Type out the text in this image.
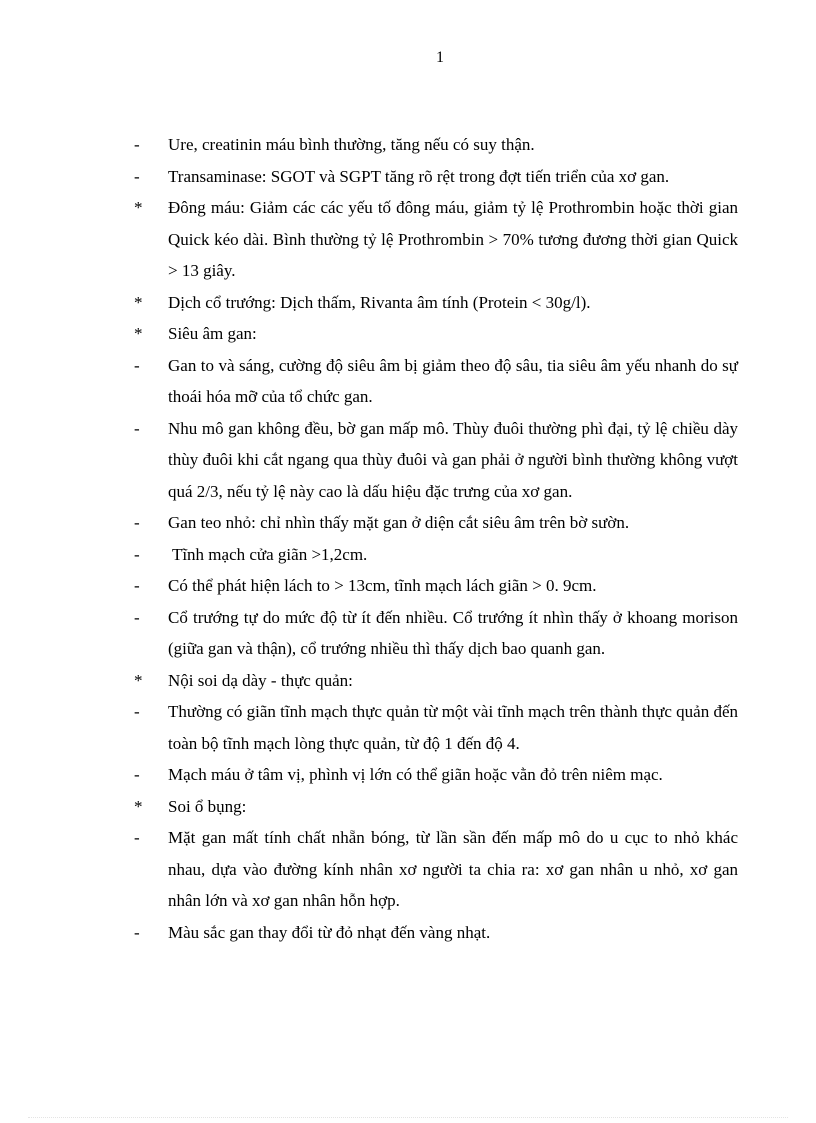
1
-	Ure, creatinin máu bình thường, tăng nếu có suy thận.
-	Transaminase: SGOT và SGPT tăng rõ rệt trong đợt tiến triển của xơ gan.
*	Đông máu: Giảm các các yếu tố đông máu, giảm tỷ lệ Prothrombin hoặc thời gian Quick kéo dài. Bình thường tỷ lệ Prothrombin > 70% tương đương thời gian Quick > 13 giây.
*	Dịch cổ trướng: Dịch thấm, Rivanta âm tính (Protein < 30g/l).
*	Siêu âm gan:
-	Gan to và sáng, cường độ siêu âm bị giảm theo độ sâu, tia siêu âm yếu nhanh do sự thoái hóa mỡ của tổ chức gan.
-	Nhu mô gan không đều, bờ gan mấp mô. Thùy đuôi thường phì đại, tỷ lệ chiều dày thùy đuôi khi cắt ngang qua thùy đuôi và gan phải ở người bình thường không vượt quá 2/3, nếu tỷ lệ này cao là dấu hiệu đặc trưng của xơ gan.
-	Gan teo nhỏ: chỉ nhìn thấy mặt gan ở diện cắt siêu âm trên bờ sườn.
-	Tĩnh mạch cửa giãn >1,2cm.
-	Có thể phát hiện lách to > 13cm, tĩnh mạch lách giãn > 0. 9cm.
-	Cổ trướng tự do mức độ từ ít đến nhiều. Cổ trướng ít nhìn thấy ở khoang morison (giữa gan và thận), cổ trướng nhiều thì thấy dịch bao quanh gan.
*	Nội soi dạ dày - thực quản:
-	Thường có giãn tĩnh mạch thực quản từ một vài tĩnh mạch trên thành thực quản đến toàn bộ tĩnh mạch lòng thực quản, từ độ 1 đến độ 4.
-	Mạch máu ở tâm vị, phình vị lớn có thể giãn hoặc vằn đỏ trên niêm mạc.
*	Soi ổ bụng:
-	Mặt gan mất tính chất nhẵn bóng, từ lần sần đến mấp mô do u cục to nhỏ khác nhau, dựa vào đường kính nhân xơ người ta chia ra: xơ gan nhân u nhỏ, xơ gan nhân lớn và xơ gan nhân hỗn hợp.
-	Màu sắc gan thay đổi từ đỏ nhạt đến vàng nhạt.
